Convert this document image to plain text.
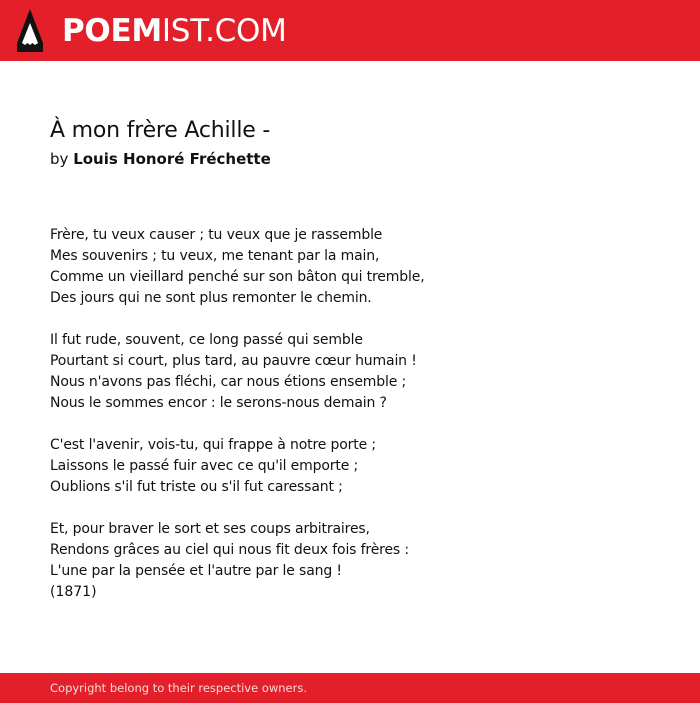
POEMIST.COM
À mon frère Achille -
by Louis Honoré Fréchette
Frère, tu veux causer ; tu veux que je rassemble
Mes souvenirs ; tu veux, me tenant par la main,
Comme un vieillard penché sur son bâton qui tremble,
Des jours qui ne sont plus remonter le chemin.
Il fut rude, souvent, ce long passé qui semble
Pourtant si court, plus tard, au pauvre cœur humain !
Nous n'avons pas fléchi, car nous étions ensemble ;
Nous le sommes encor : le serons-nous demain ?
C'est l'avenir, vois-tu, qui frappe à notre porte ;
Laissons le passé fuir avec ce qu'il emporte ;
Oublions s'il fut triste ou s'il fut caressant ;
Et, pour braver le sort et ses coups arbitraires,
Rendons grâces au ciel qui nous fit deux fois frères :
L'une par la pensée et l'autre par le sang !
(1871)
Copyright belong to their respective owners.
